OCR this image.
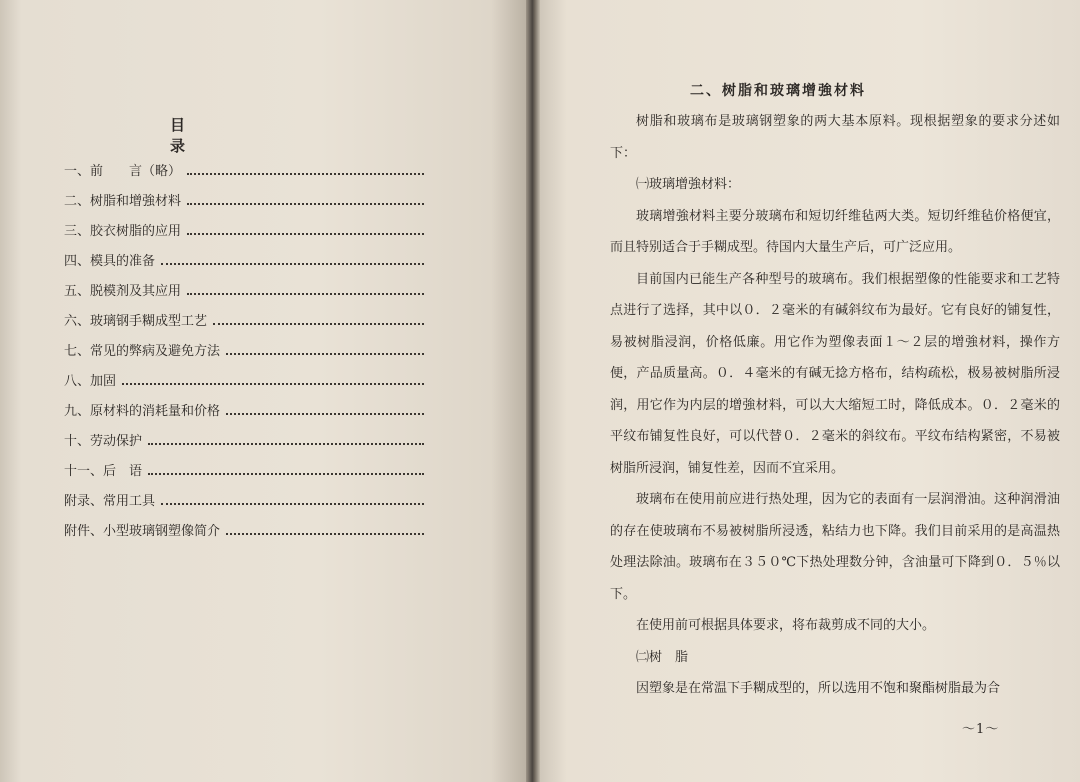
目 录
一、前　　言（略）
二、树脂和增強材料
三、胶衣树脂的应用
四、模具的准备
五、脱模剂及其应用
六、玻璃钢手糊成型工艺
七、常见的弊病及避免方法
八、加固
九、原材料的消耗量和价格
十、劳动保护
十一、后　语
附录、常用工具
附件、小型玻璃钢塑像简介
二、树脂和玻璃增強材料

树脂和玻璃布是玻璃钢塑象的两大基本原料。现根据塑象的要求分述如下：

㈠玻璃增強材料：

玻璃增強材料主要分玻璃布和短切纤维毡两大类。短切纤维毡价格便宜，而且特别适合于手糊成型。待国内大量生产后，可广泛应用。

目前国内已能生产各种型号的玻璃布。我们根据塑像的性能要求和工艺特点进行了选择，其中以０．２毫米的有碱斜纹布为最好。它有良好的铺复性，易被树脂浸润，价格低廉。用它作为塑像表面１～２层的增強材料，操作方便，产品质量高。０．４毫米的有碱无捻方格布，结构疏松，极易被树脂所浸润，用它作为内层的增強材料，可以大大缩短工时，降低成本。０．２毫米的平纹布铺复性良好，可以代替０．２毫米的斜纹布。平纹布结构紧密，不易被树脂所浸润，铺复性差，因而不宜采用。

玻璃布在使用前应进行热处理，因为它的表面有一层润滑油。这种润滑油的存在使玻璃布不易被树脂所浸透，粘结力也下降。我们目前采用的是高温热处理法除油。玻璃布在３５０℃下热处理数分钟，含油量可下降到０．５％以下。

在使用前可根据具体要求，将布裁剪成不同的大小。

㈡树　脂

因塑象是在常温下手糊成型的，所以选用不饱和聚酯树脂最为合

～1～
